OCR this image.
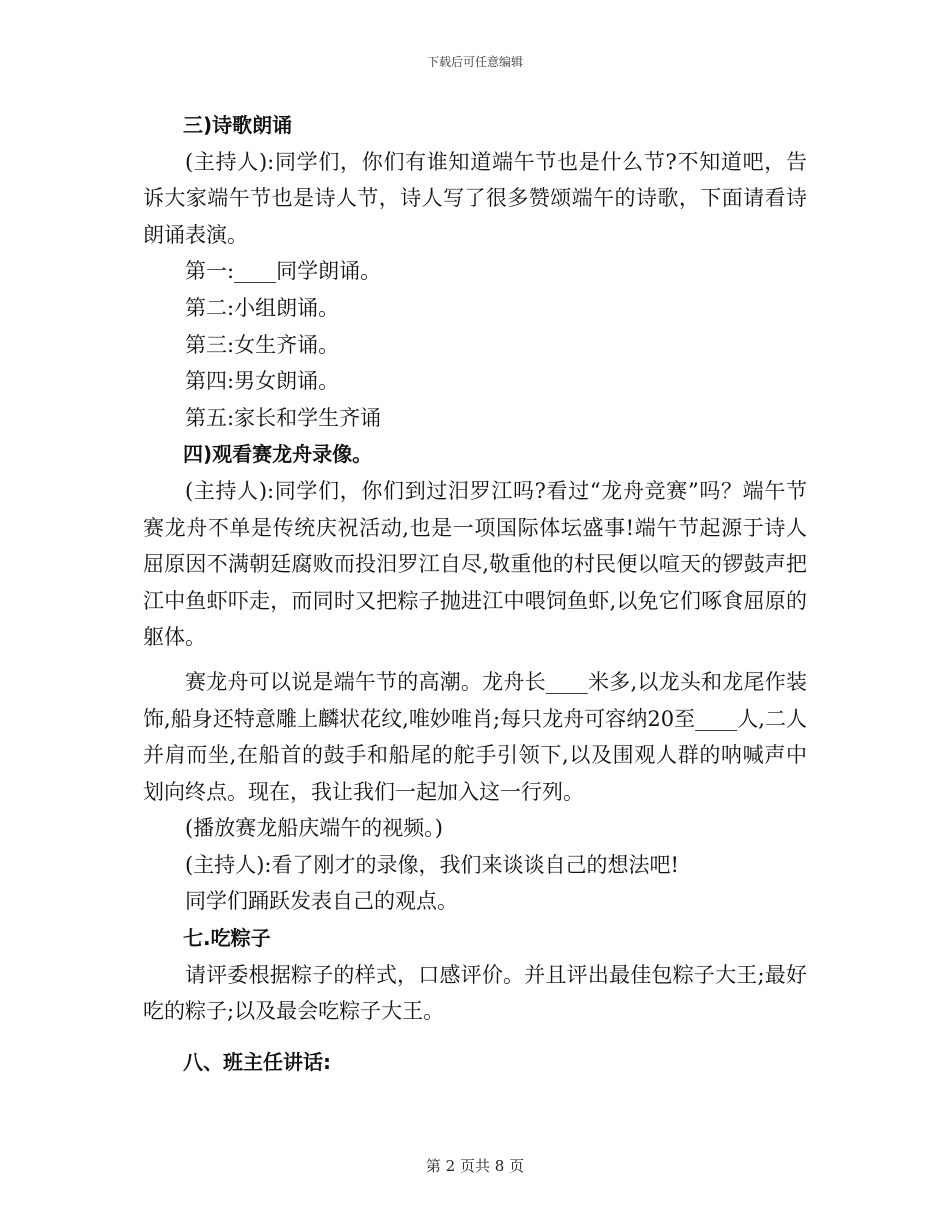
下载后可任意编辑

三)诗歌朗诵

(主持人):同学们，你们有谁知道端午节也是什么节?不知道吧，告诉大家端午节也是诗人节，诗人写了很多赞颂端午的诗歌，下面请看诗朗诵表演。

第一:____同学朗诵。

第二:小组朗诵。

第三:女生齐诵。

第四:男女朗诵。

第五:家长和学生齐诵

四)观看赛龙舟录像。

(主持人):同学们，你们到过汨罗江吗?看过“龙舟竞赛”吗？端午节赛龙舟不单是传统庆祝活动,也是一项国际体坛盛事!端午节起源于诗人屈原因不满朝廷腐败而投汨罗江自尽,敬重他的村民便以喧天的锣鼓声把江中鱼虾吓走，而同时又把粽子抛进江中喂饲鱼虾,以免它们啄食屈原的躯体。

赛龙舟可以说是端午节的高潮。龙舟长____米多,以龙头和龙尾作装饰,船身还特意雕上麟状花纹,唯妙唯肖;每只龙舟可容纳20至____人,二人并肩而坐,在船首的鼓手和船尾的舵手引领下,以及围观人群的呐喊声中划向终点。现在，我让我们一起加入这一行列。

(播放赛龙船庆端午的视频。)

(主持人):看了刚才的录像，我们来谈谈自己的想法吧!

同学们踊跃发表自己的观点。

七.吃粽子

请评委根据粽子的样式，口感评价。并且评出最佳包粽子大王;最好吃的粽子;以及最会吃粽子大王。

八、班主任讲话:

第 2 页共 8 页
